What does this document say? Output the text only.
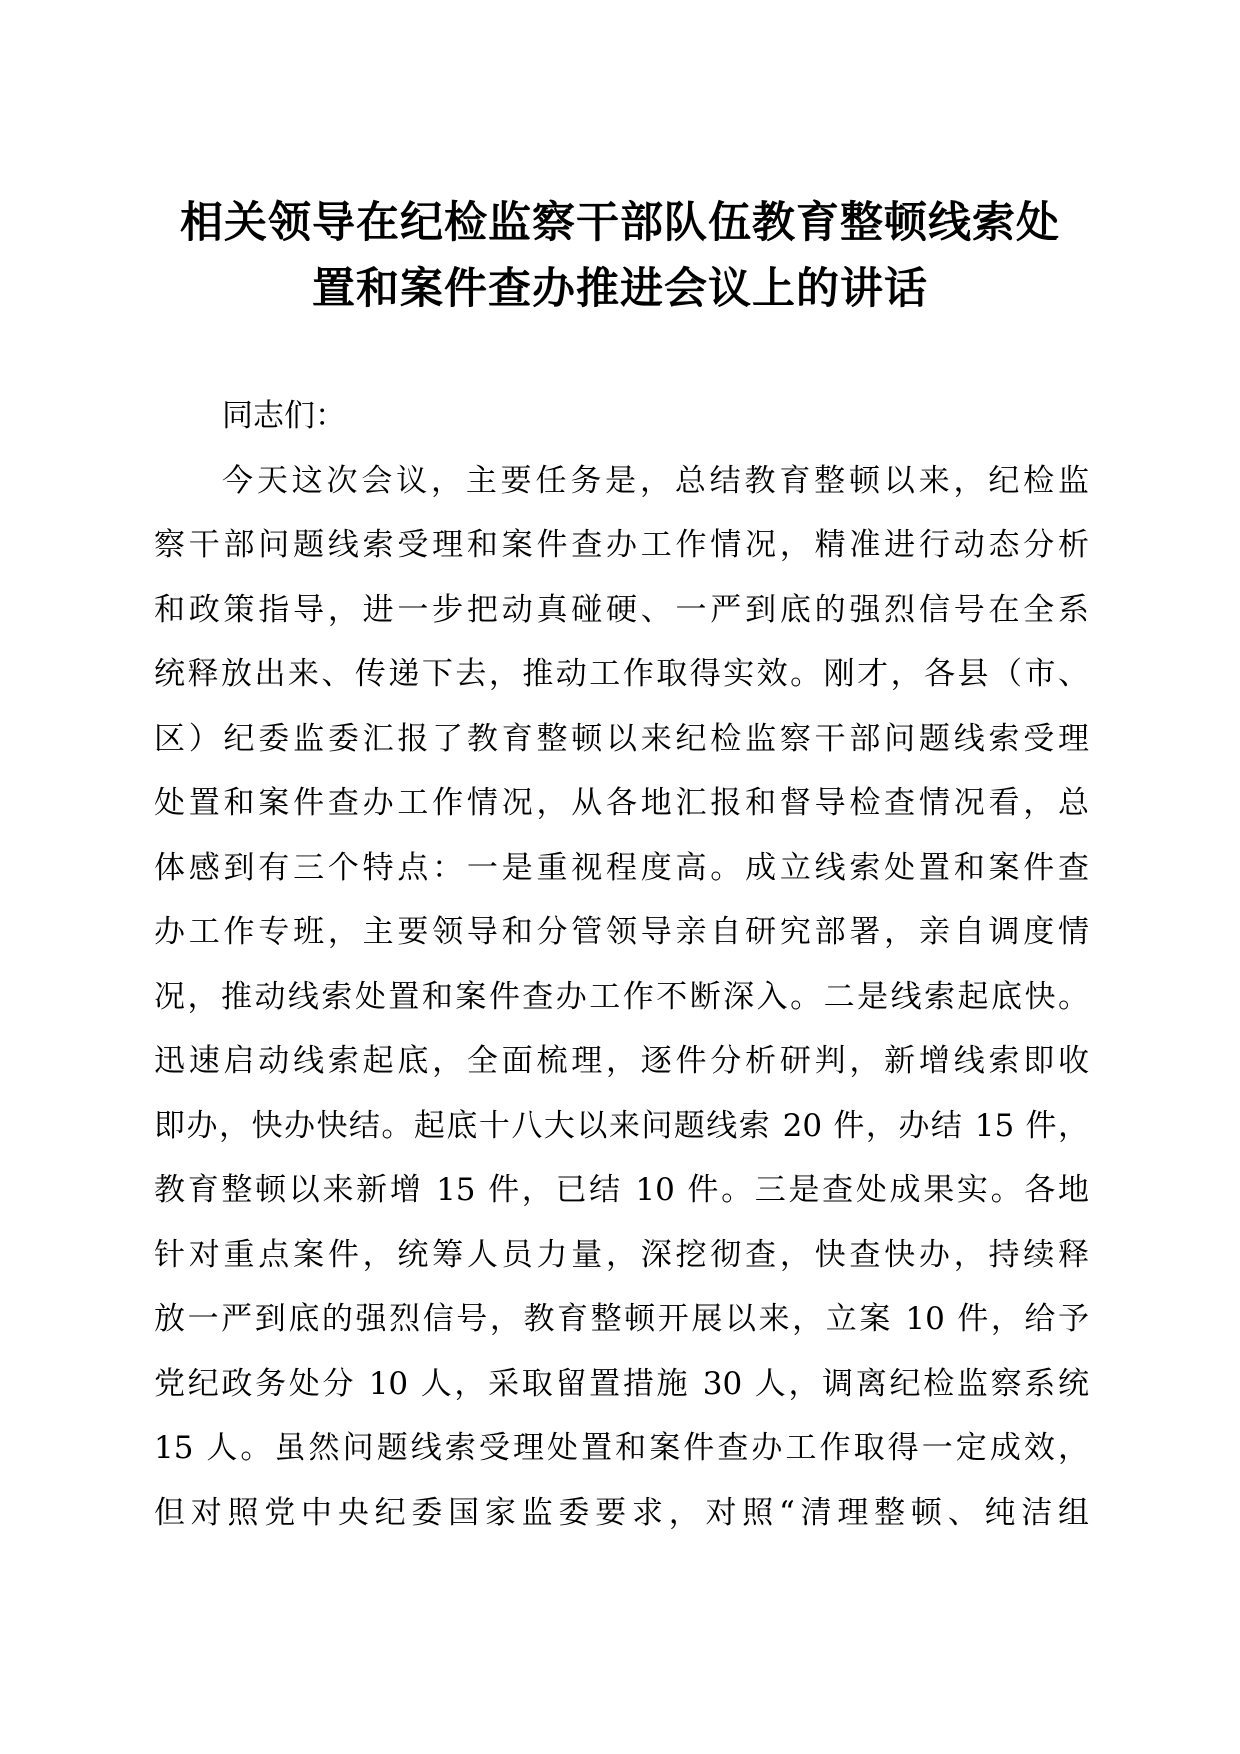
相关领导在纪检监察干部队伍教育整顿线索处
置和案件查办推进会议上的讲话
同志们：
今天这次会议，主要任务是，总结教育整顿以来，纪检监
察干部问题线索受理和案件查办工作情况，精准进行动态分析
和政策指导，进一步把动真碰硬、一严到底的强烈信号在全系
统释放出来、传递下去，推动工作取得实效。刚才，各县（市、
区）纪委监委汇报了教育整顿以来纪检监察干部问题线索受理
处置和案件查办工作情况，从各地汇报和督导检查情况看，总
体感到有三个特点：一是重视程度高。成立线索处置和案件查
办工作专班，主要领导和分管领导亲自研究部署，亲自调度情
况，推动线索处置和案件查办工作不断深入。二是线索起底快。
迅速启动线索起底，全面梳理，逐件分析研判，新增线索即收
即办，快办快结。起底十八大以来问题线索 20 件，办结 15 件，
教育整顿以来新增 15 件，已结 10 件。三是查处成果实。各地
针对重点案件，统筹人员力量，深挖彻查，快查快办，持续释
放一严到底的强烈信号，教育整顿开展以来，立案 10 件，给予
党纪政务处分 10 人，采取留置措施 30 人，调离纪检监察系统
15 人。虽然问题线索受理处置和案件查办工作取得一定成效，
但对照党中央纪委国家监委要求，对照“清理整顿、纯洁组
